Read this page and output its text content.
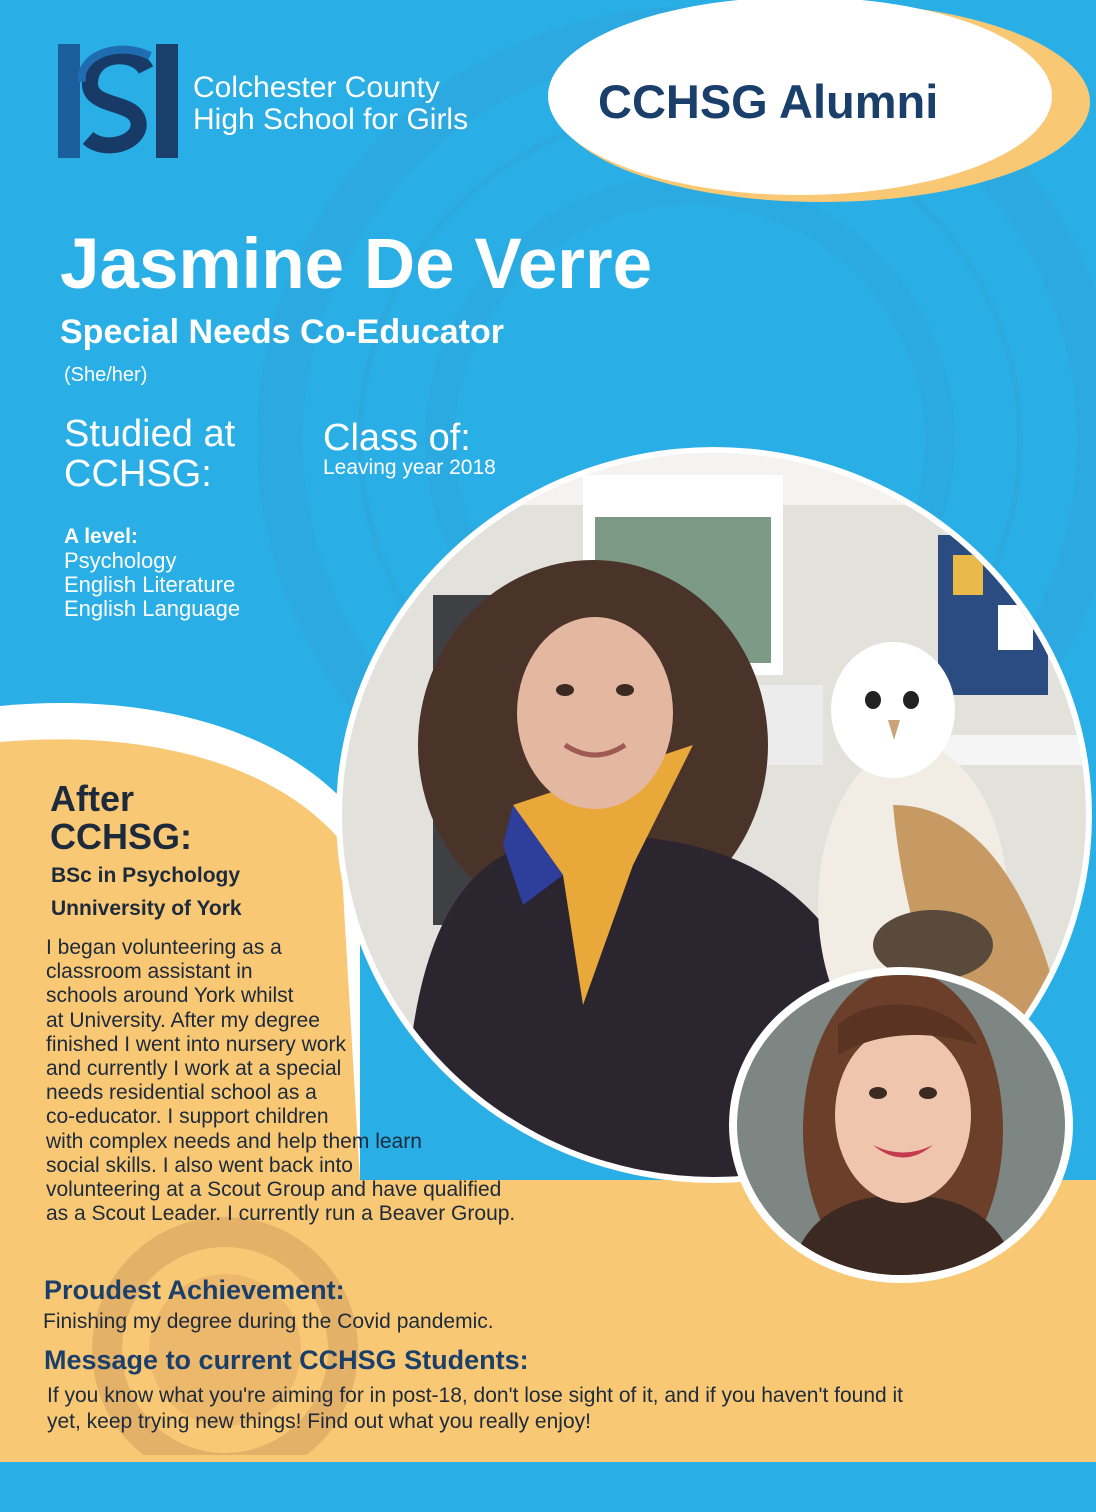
Colchester County
High School for Girls	CCHSG Alumni
Jasmine De Verre
Special Needs Co-Educator
(She/her)
Studied at
CCHSG:
A level:
Psychology
English Literature
English Language
Class of:
Leaving year 2018
After
CCHSG:
BSc in Psychology
Unniversity of York
I began volunteering as a
classroom assistant in
schools around York whilst
at University. After my degree
finished I went into nursery work
and currently I work at a special
needs residential school as a
co-educator. I support children
with complex needs and help them learn
social skills. I also went back into
volunteering at a Scout Group and have qualified
as a Scout Leader. I currently run a Beaver Group.
Proudest Achievement:
Finishing my degree during the Covid pandemic.
Message to current CCHSG Students:
If you know what you're aiming for in post-18, don't lose sight of it, and if you haven't found it
yet, keep trying new things! Find out what you really enjoy!
